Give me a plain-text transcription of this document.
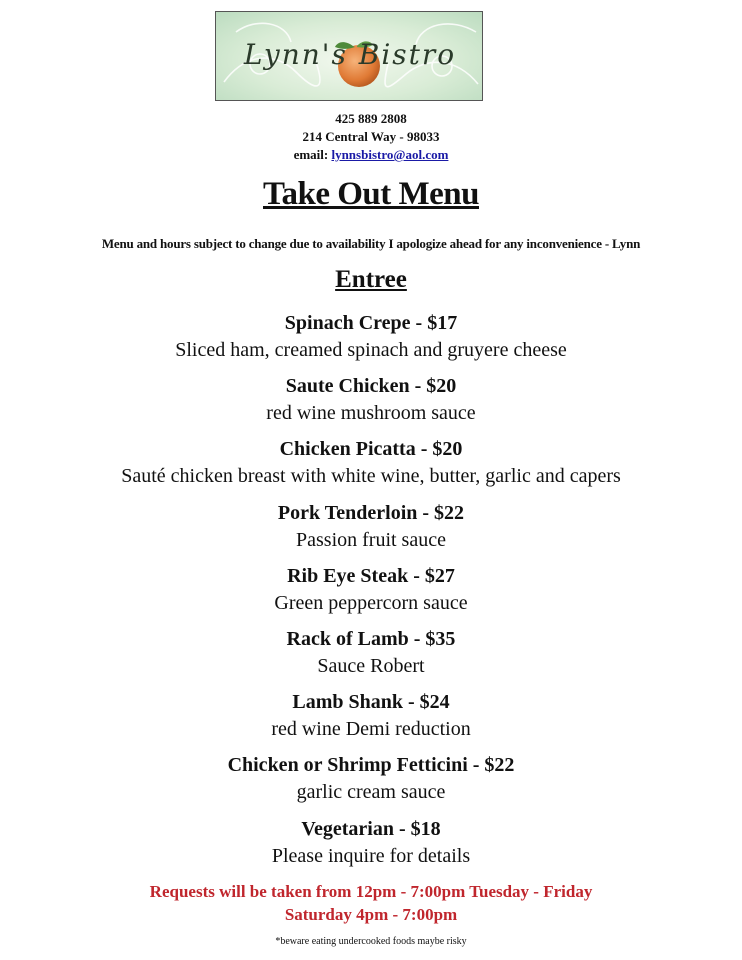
Lynn's Bistro
425 889 2808
214 Central Way - 98033
email: lynnsbistro@aol.com
Take Out Menu
Menu and hours subject to change due to availability I apologize ahead for any inconvenience - Lynn
Entree
Spinach Crepe - $17
Sliced ham, creamed spinach and gruyere cheese
Saute Chicken - $20
red wine mushroom sauce
Chicken Picatta - $20
Sauté chicken breast with white wine, butter, garlic and capers
Pork Tenderloin - $22
Passion fruit sauce
Rib Eye Steak - $27
Green peppercorn sauce
Rack of Lamb - $35
Sauce Robert
Lamb Shank - $24
red wine Demi reduction
Chicken or Shrimp Fetticini - $22
garlic cream sauce
Vegetarian - $18
Please inquire for details
Requests will be taken from 12pm - 7:00pm Tuesday - Friday
Saturday 4pm - 7:00pm
*beware eating undercooked foods maybe risky
